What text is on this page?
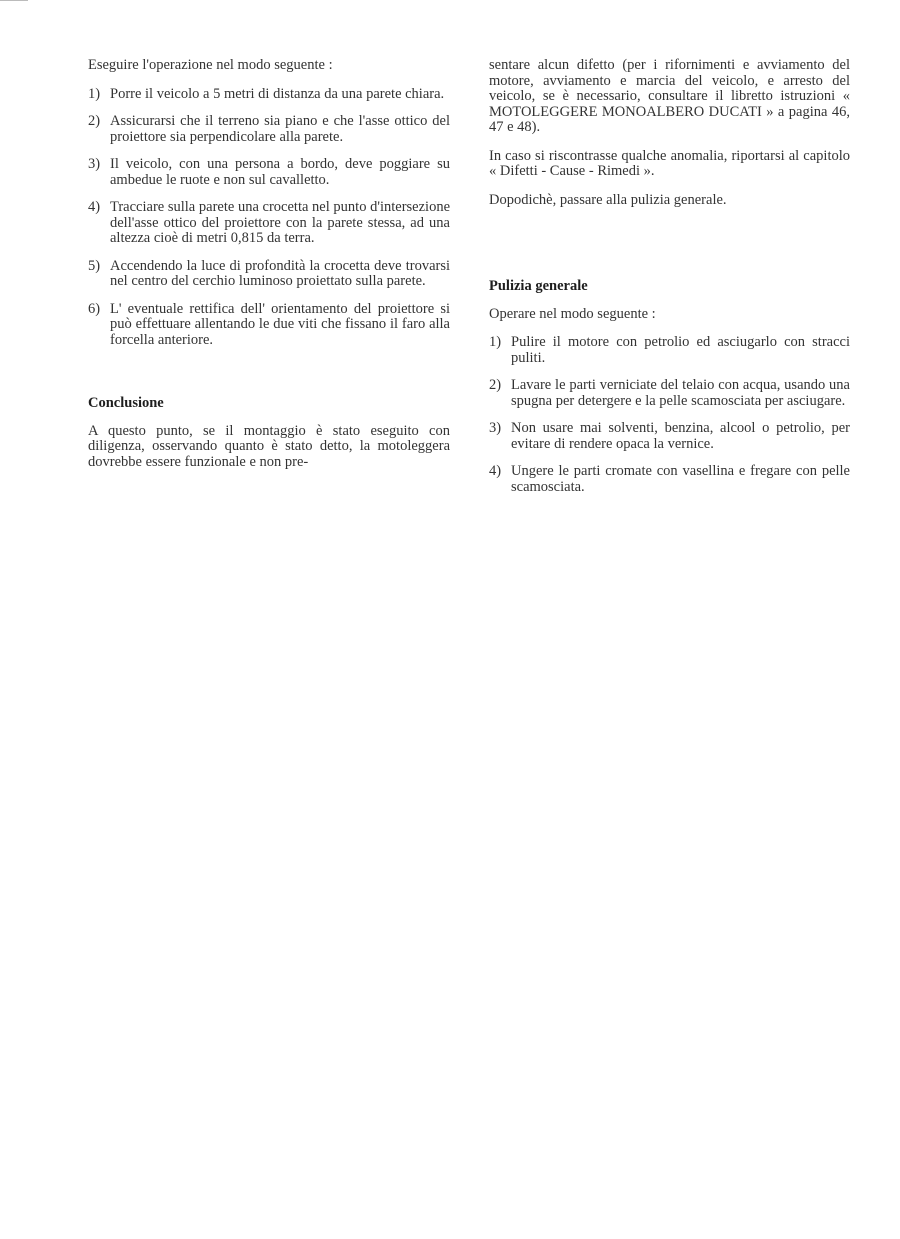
Eseguire l'operazione nel modo seguente :

1) Porre il veicolo a 5 metri di distanza da una parete chiara.
2) Assicurarsi che il terreno sia piano e che l'asse ottico del proiettore sia perpendicolare alla parete.
3) Il veicolo, con una persona a bordo, deve poggiare su ambedue le ruote e non sul cavalletto.
4) Tracciare sulla parete una crocetta nel punto d'intersezione dell'asse ottico del proiettore con la parete stessa, ad una altezza cioè di metri 0,815 da terra.
5) Accendendo la luce di profondità la crocetta deve trovarsi nel centro del cerchio luminoso proiettato sulla parete.
6) L' eventuale rettifica dell' orientamento del proiettore si può effettuare allentando le due viti che fissano il faro alla forcella anteriore.
Conclusione

A questo punto, se il montaggio è stato eseguito con diligenza, osservando quanto è stato detto, la motoleggera dovrebbe essere funzionale e non pre-

sentare alcun difetto (per i rifornimenti e avviamento del motore, avviamento e marcia del veicolo, e arresto del veicolo, se è necessario, consultare il libretto istruzioni « MOTOLEGGERE MONOALBERO DUCATI » a pagina 46, 47 e 48).

In caso si riscontrasse qualche anomalia, riportarsi al capitolo « Difetti - Cause - Rimedi ».

Dopodichè, passare alla pulizia generale.

Pulizia generale

Operare nel modo seguente :

1) Pulire il motore con petrolio ed asciugarlo con stracci puliti.
2) Lavare le parti verniciate del telaio con acqua, usando una spugna per detergere e la pelle scamosciata per asciugare.
3) Non usare mai solventi, benzina, alcool o petrolio, per evitare di rendere opaca la vernice.
4) Ungere le parti cromate con vasellina e fregare con pelle scamosciata.
